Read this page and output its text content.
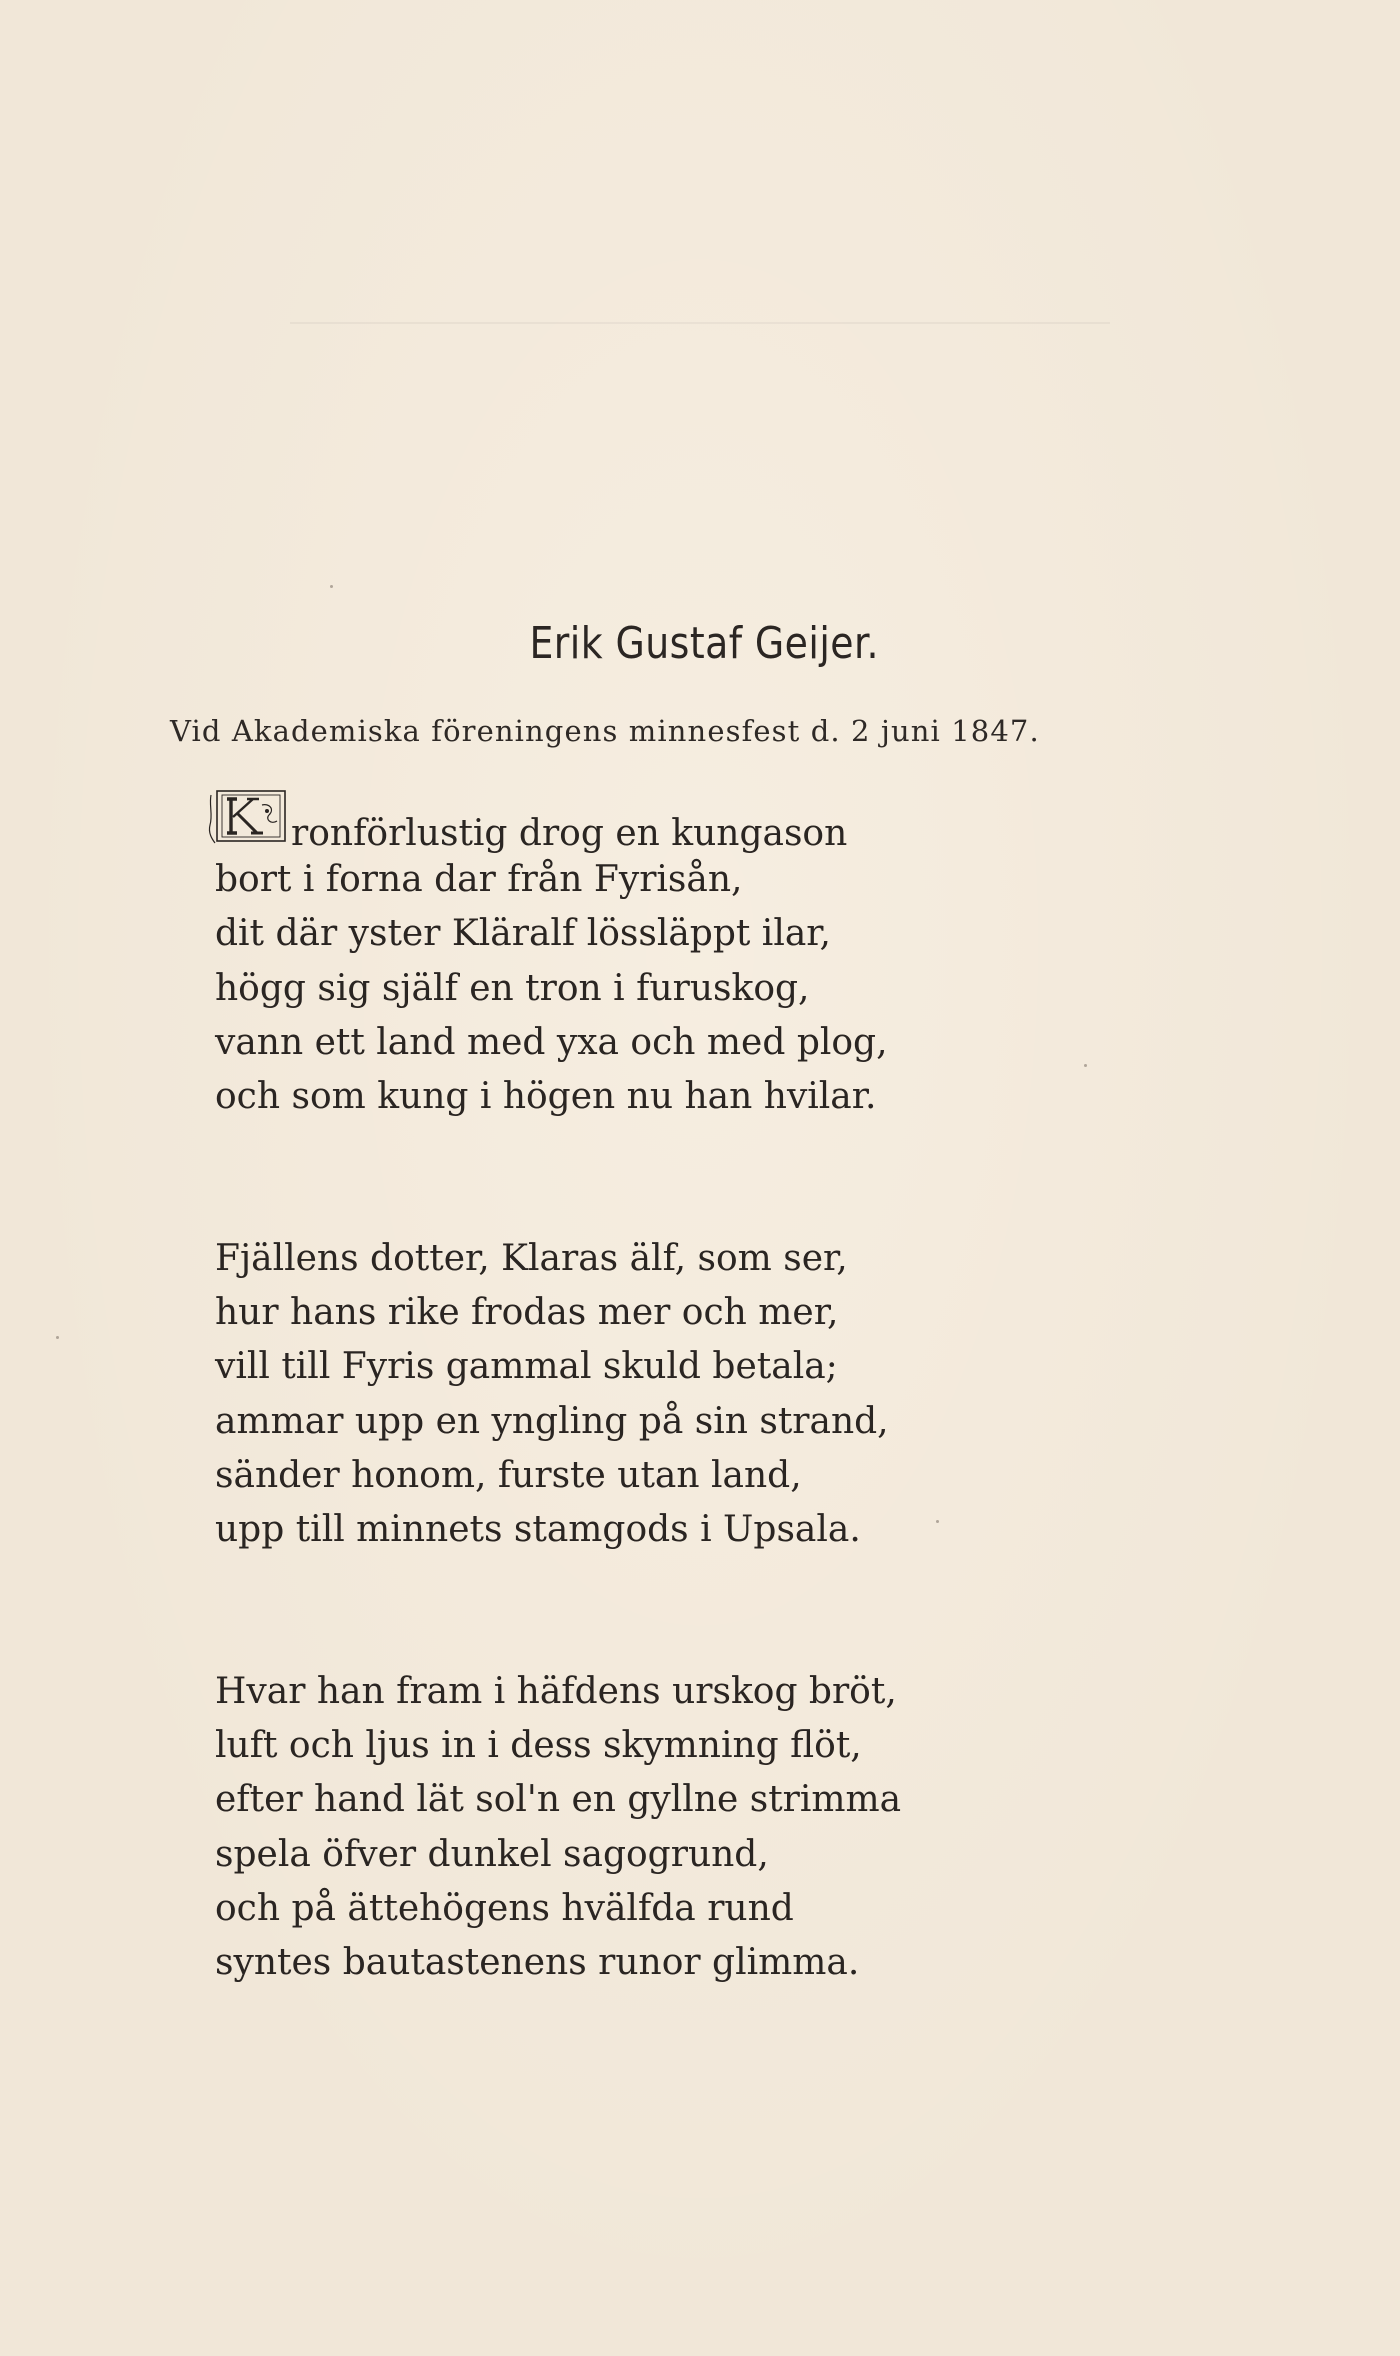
Erik Gustaf Geijer.
Vid Akademiska föreningens minnesfest d. 2 juni 1847.
ronförlustig drog en kungason
bort i forna dar från Fyrisån,
dit där yster Kläralf lössläppt ilar,
högg sig själf en tron i furuskog,
vann ett land med yxa och med plog,
och som kung i högen nu han hvilar.
Fjällens dotter, Klaras älf, som ser,
hur hans rike frodas mer och mer,
vill till Fyris gammal skuld betala;
ammar upp en yngling på sin strand,
sänder honom, furste utan land,
upp till minnets stamgods i Upsala.
Hvar han fram i häfdens urskog bröt,
luft och ljus in i dess skymning flöt,
efter hand lät sol'n en gyllne strimma
spela öfver dunkel sagogrund,
och på ättehögens hvälfda rund
syntes bautastenens runor glimma.
